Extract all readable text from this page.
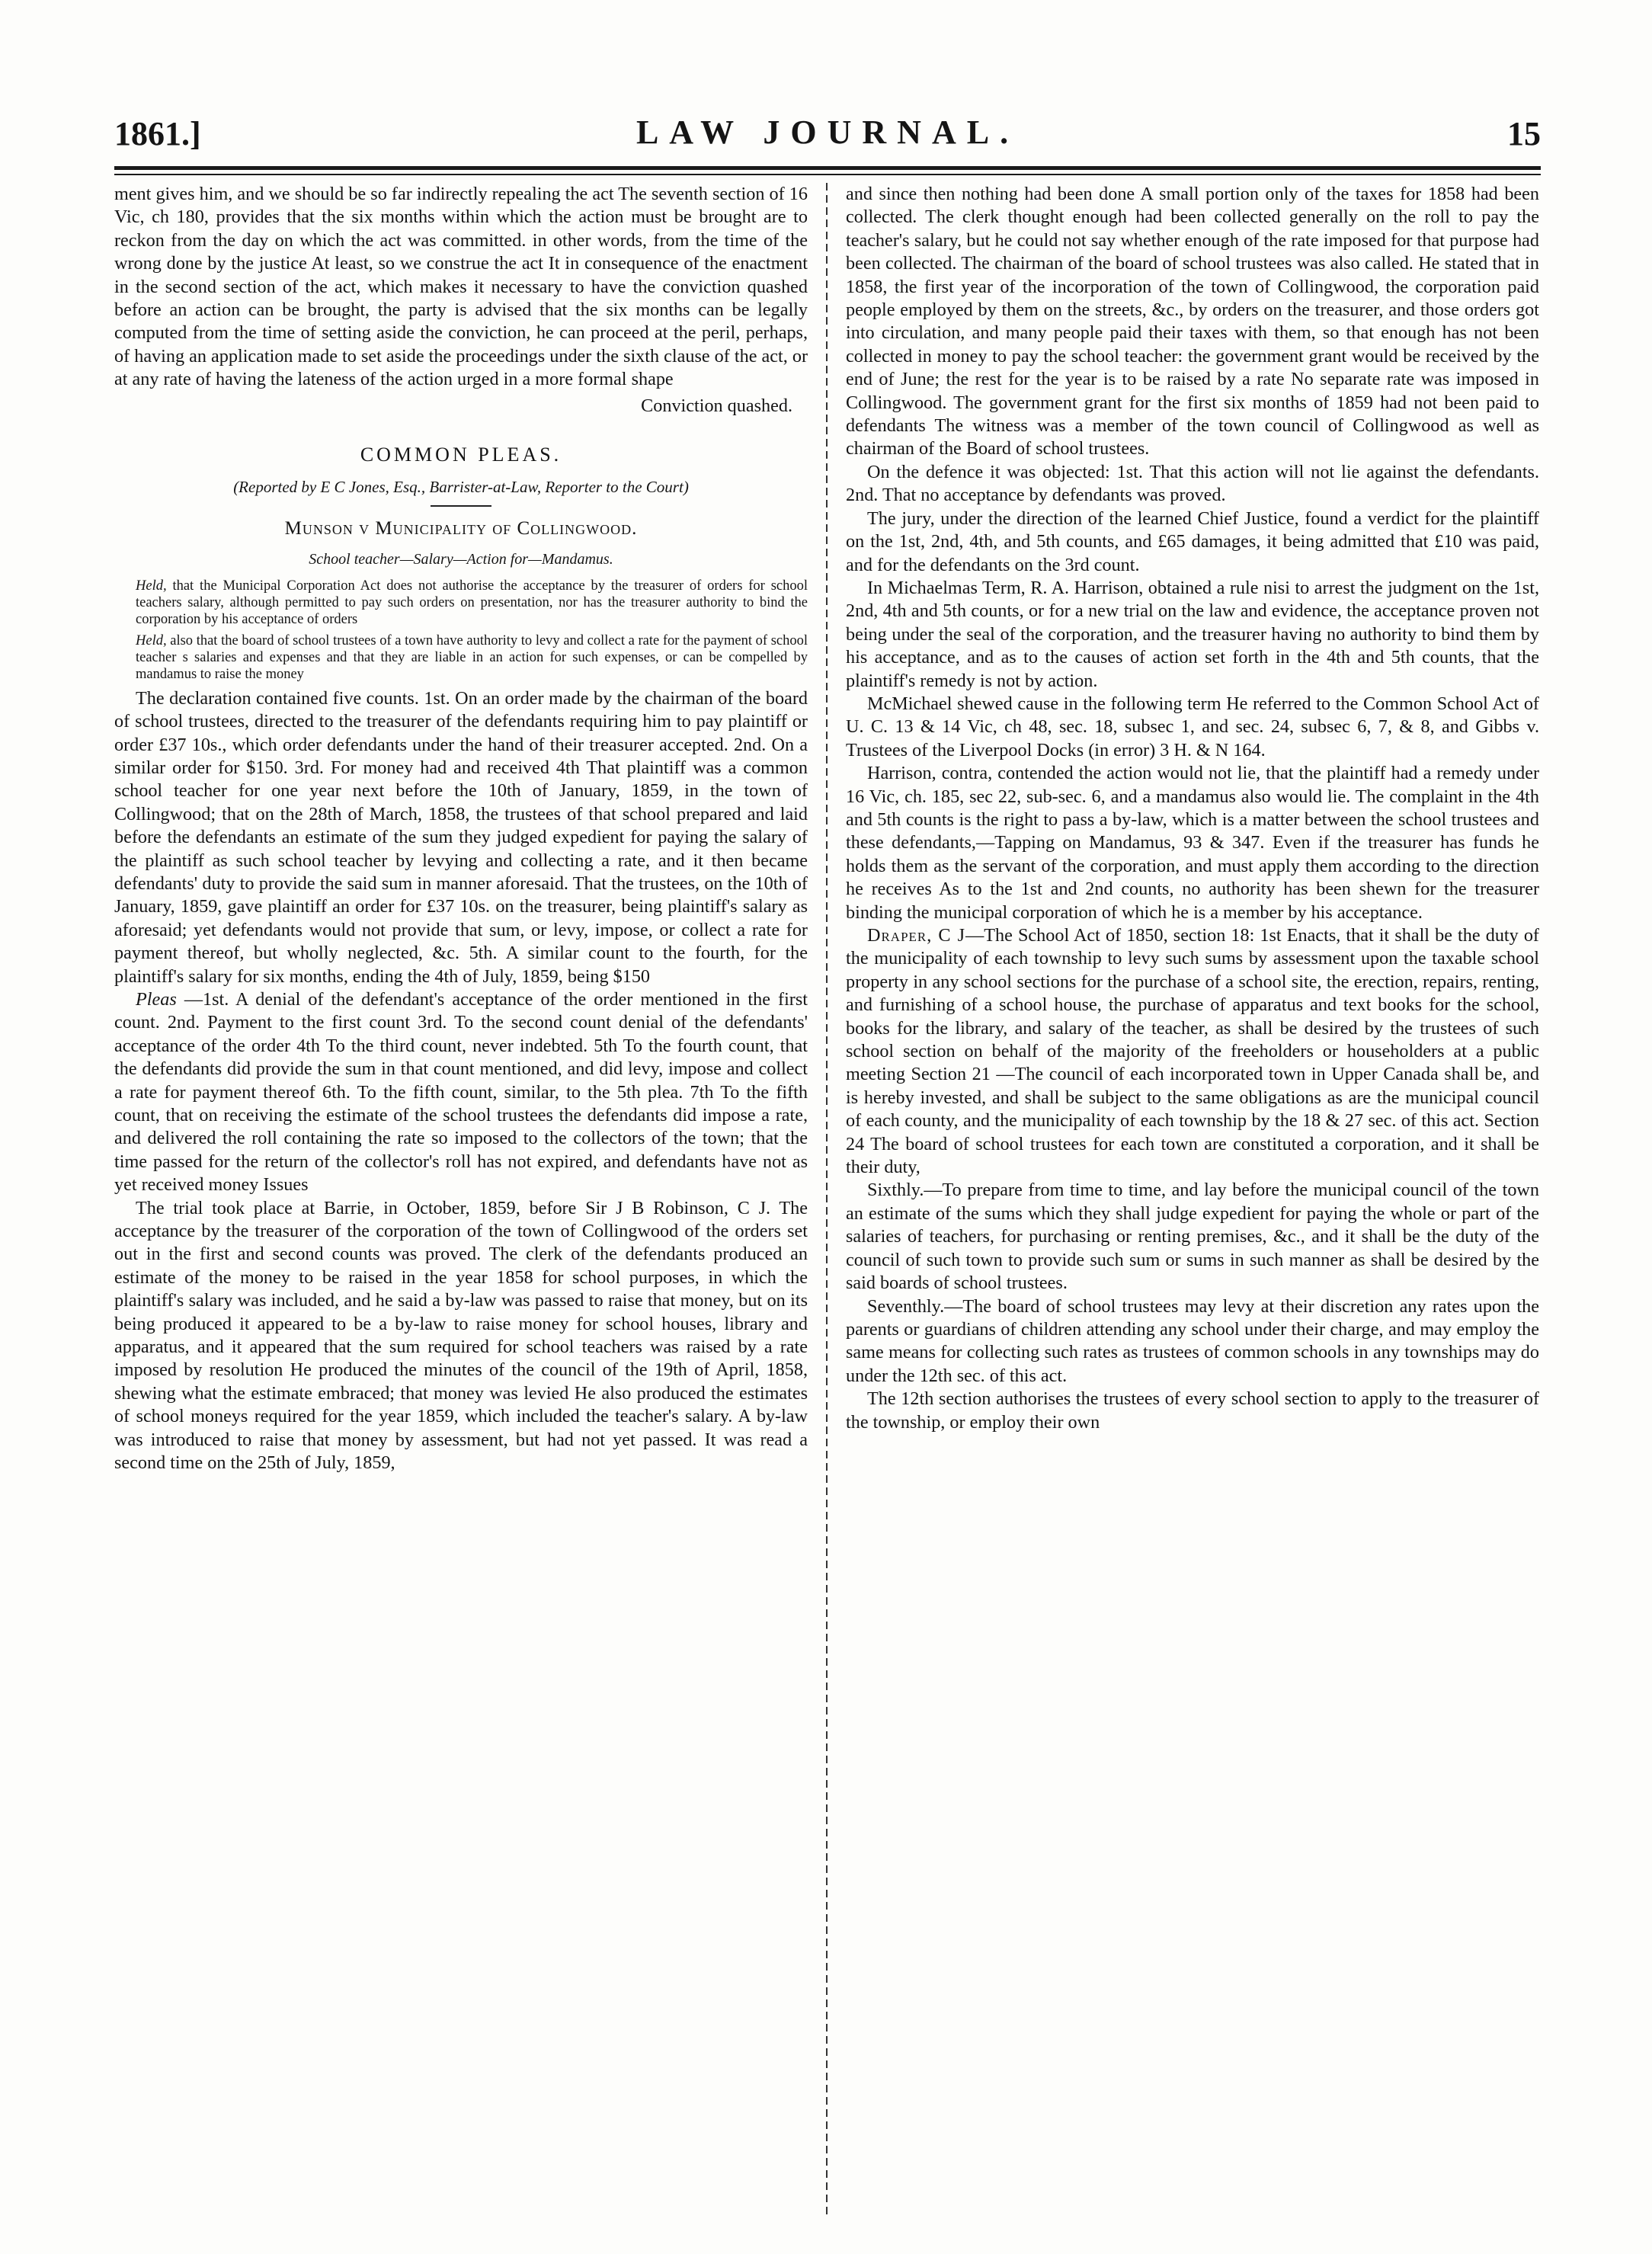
1861.]	LAW JOURNAL.	15

ment gives him, and we should be so far indirectly repealing the act The seventh section of 16 Vic, ch 180, provides that the six months within which the action must be brought are to reckon from the day on which the act was committed. in other words, from the time of the wrong done by the justice At least, so we construe the act It in consequence of the enactment in the second section of the act, which makes it necessary to have the conviction quashed before an action can be brought, the party is advised that the six months can be legally computed from the time of setting aside the conviction, he can proceed at the peril, perhaps, of having an application made to set aside the proceedings under the sixth clause of the act, or at any rate of having the lateness of the action urged in a more formal shape

Conviction quashed.
COMMON PLEAS.
(Reported by E C Jones, Esq., Barrister-at-Law, Reporter to the Court)
Munson v Municipality of Collingwood.
School teacher—Salary—Action for—Mandamus.

Held, that the Municipal Corporation Act does not authorise the acceptance by the treasurer of orders for school teachers salary, although permitted to pay such orders on presentation, nor has the treasurer authority to bind the corporation by his acceptance of orders

Held, also that the board of school trustees of a town have authority to levy and collect a rate for the payment of school teacher s salaries and expenses and that they are liable in an action for such expenses, or can be compelled by mandamus to raise the money

The declaration contained five counts. 1st. On an order made by the chairman of the board of school trustees, directed to the treasurer of the defendants requiring him to pay plaintiff or order £37 10s., which order defendants under the hand of their treasurer accepted. 2nd. On a similar order for $150. 3rd. For money had and received 4th That plaintiff was a common school teacher for one year next before the 10th of January, 1859, in the town of Collingwood; that on the 28th of March, 1858, the trustees of that school prepared and laid before the defendants an estimate of the sum they judged expedient for paying the salary of the plaintiff as such school teacher by levying and collecting a rate, and it then became defendants' duty to provide the said sum in manner aforesaid. That the trustees, on the 10th of January, 1859, gave plaintiff an order for £37 10s. on the treasurer, being plaintiff's salary as aforesaid; yet defendants would not provide that sum, or levy, impose, or collect a rate for payment thereof, but wholly neglected, &c. 5th. A similar count to the fourth, for the plaintiff's salary for six months, ending the 4th of July, 1859, being $150

Pleas —1st. A denial of the defendant's acceptance of the order mentioned in the first count. 2nd. Payment to the first count 3rd. To the second count denial of the defendants' acceptance of the order 4th To the third count, never indebted. 5th To the fourth count, that the defendants did provide the sum in that count mentioned, and did levy, impose and collect a rate for payment thereof 6th. To the fifth count, similar, to the 5th plea. 7th To the fifth count, that on receiving the estimate of the school trustees the defendants did impose a rate, and delivered the roll containing the rate so imposed to the collectors of the town; that the time passed for the return of the collector's roll has not expired, and defendants have not as yet received money Issues

The trial took place at Barrie, in October, 1859, before Sir J B Robinson, C J. The acceptance by the treasurer of the corporation of the town of Collingwood of the orders set out in the first and second counts was proved. The clerk of the defendants produced an estimate of the money to be raised in the year 1858 for school purposes, in which the plaintiff's salary was included, and he said a by-law was passed to raise that money, but on its being produced it appeared to be a by-law to raise money for school houses, library and apparatus, and it appeared that the sum required for school teachers was raised by a rate imposed by resolution He produced the minutes of the council of the 19th of April, 1858, shewing what the estimate embraced; that money was levied He also produced the estimates of school moneys required for the year 1859, which included the teacher's salary. A by-law was introduced to raise that money by assessment, but had not yet passed. It was read a second time on the 25th of July, 1859,

and since then nothing had been done A small portion only of the taxes for 1858 had been collected. The clerk thought enough had been collected generally on the roll to pay the teacher's salary, but he could not say whether enough of the rate imposed for that purpose had been collected. The chairman of the board of school trustees was also called. He stated that in 1858, the first year of the incorporation of the town of Collingwood, the corporation paid people employed by them on the streets, &c., by orders on the treasurer, and those orders got into circulation, and many people paid their taxes with them, so that enough has not been collected in money to pay the school teacher: the government grant would be received by the end of June; the rest for the year is to be raised by a rate No separate rate was imposed in Collingwood. The government grant for the first six months of 1859 had not been paid to defendants The witness was a member of the town council of Collingwood as well as chairman of the Board of school trustees.

On the defence it was objected: 1st. That this action will not lie against the defendants. 2nd. That no acceptance by defendants was proved.

The jury, under the direction of the learned Chief Justice, found a verdict for the plaintiff on the 1st, 2nd, 4th, and 5th counts, and £65 damages, it being admitted that £10 was paid, and for the defendants on the 3rd count.

In Michaelmas Term, R. A. Harrison, obtained a rule nisi to arrest the judgment on the 1st, 2nd, 4th and 5th counts, or for a new trial on the law and evidence, the acceptance proven not being under the seal of the corporation, and the treasurer having no authority to bind them by his acceptance, and as to the causes of action set forth in the 4th and 5th counts, that the plaintiff's remedy is not by action.

McMichael shewed cause in the following term He referred to the Common School Act of U. C. 13 & 14 Vic, ch 48, sec. 18, subsec 1, and sec. 24, subsec 6, 7, & 8, and Gibbs v. Trustees of the Liverpool Docks (in error) 3 H. & N 164.

Harrison, contra, contended the action would not lie, that the plaintiff had a remedy under 16 Vic, ch. 185, sec 22, sub-sec. 6, and a mandamus also would lie. The complaint in the 4th and 5th counts is the right to pass a by-law, which is a matter between the school trustees and these defendants,—Tapping on Mandamus, 93 & 347. Even if the treasurer has funds he holds them as the servant of the corporation, and must apply them according to the direction he receives As to the 1st and 2nd counts, no authority has been shewn for the treasurer binding the municipal corporation of which he is a member by his acceptance.

Draper, C J—The School Act of 1850, section 18: 1st Enacts, that it shall be the duty of the municipality of each township to levy such sums by assessment upon the taxable school property in any school sections for the purchase of a school site, the erection, repairs, renting, and furnishing of a school house, the purchase of apparatus and text books for the school, books for the library, and salary of the teacher, as shall be desired by the trustees of such school section on behalf of the majority of the freeholders or householders at a public meeting Section 21 —The council of each incorporated town in Upper Canada shall be, and is hereby invested, and shall be subject to the same obligations as are the municipal council of each county, and the municipality of each township by the 18 & 27 sec. of this act. Section 24 The board of school trustees for each town are constituted a corporation, and it shall be their duty,

Sixthly.—To prepare from time to time, and lay before the municipal council of the town an estimate of the sums which they shall judge expedient for paying the whole or part of the salaries of teachers, for purchasing or renting premises, &c., and it shall be the duty of the council of such town to provide such sum or sums in such manner as shall be desired by the said boards of school trustees.

Seventhly.—The board of school trustees may levy at their discretion any rates upon the parents or guardians of children attending any school under their charge, and may employ the same means for collecting such rates as trustees of common schools in any townships may do under the 12th sec. of this act.

The 12th section authorises the trustees of every school section to apply to the treasurer of the township, or employ their own
